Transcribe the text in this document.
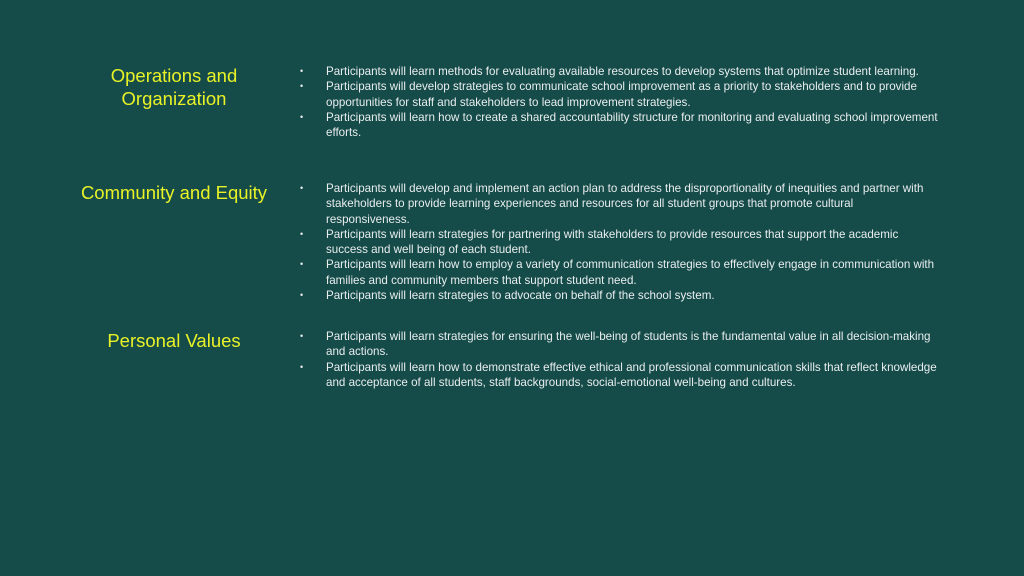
Operations and Organization
•	Participants will learn methods for evaluating available resources to develop systems that optimize student learning.
•	Participants will develop strategies to communicate school improvement as a priority to stakeholders and to provide opportunities for staff and stakeholders to lead improvement strategies.
•	Participants will learn how to create a shared accountability structure for monitoring and evaluating school improvement efforts.
Community and Equity	•	Participants will develop and implement an action plan to address the disproportionality of inequities and partner with stakeholders to provide learning experiences and resources for all student groups that promote cultural responsiveness.
•	Participants will learn strategies for partnering with stakeholders to provide resources that support the academic success and well being of each student.
•	Participants will learn how to employ a variety of communication strategies to effectively engage in communication with families and community members that support student need.
•	Participants will learn strategies to advocate on behalf of the school system.
Personal Values	•	Participants will learn strategies for ensuring the well-being of students is the fundamental value in all decision-making and actions.
•	Participants will learn how to demonstrate effective ethical and professional communication skills that reflect knowledge and acceptance of all students, staff backgrounds, social-emotional well-being and cultures.
